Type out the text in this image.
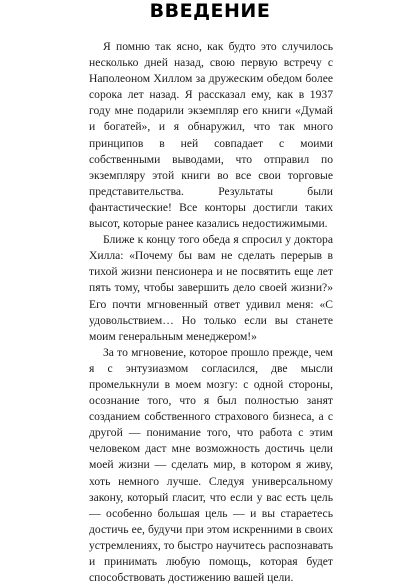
ВВЕДЕНИЕ

Я помню так ясно, как будто это случилось несколько дней назад, свою первую встречу с Наполеоном Хиллом за дружеским обедом более сорока лет назад. Я рассказал ему, как в 1937 году мне подарили экземпляр его книги «Думай и богатей», и я обнаружил, что так много принципов в ней совпадает с моими собственными выводами, что отправил по экземпляру этой книги во все свои торговые представительства. Результаты были фантастические! Все конторы достигли таких высот, которые ранее казались недостижимыми.

Ближе к концу того обеда я спросил у доктора Хилла: «Почему бы вам не сделать перерыв в тихой жизни пенсионера и не посвятить еще лет пять тому, чтобы завершить дело своей жизни?» Его почти мгновенный ответ удивил меня: «С удовольствием… Но только если вы станете моим генеральным менеджером!»

За то мгновение, которое прошло прежде, чем я с энтузиазмом согласился, две мысли промелькнули в моем мозгу: с одной стороны, осознание того, что я был полностью занят созданием собственного страхового бизнеса, а с другой — понимание того, что работа с этим человеком даст мне возможность достичь цели моей жизни — сделать мир, в котором я живу, хоть немного лучше. Следуя универсальному закону, который гласит, что если у вас есть цель — особенно большая цель — и вы стараетесь достичь ее, будучи при этом искренними в своих устремлениях, то быстро научитесь распознавать и принимать любую помощь, которая будет способствовать достижению вашей цели.
